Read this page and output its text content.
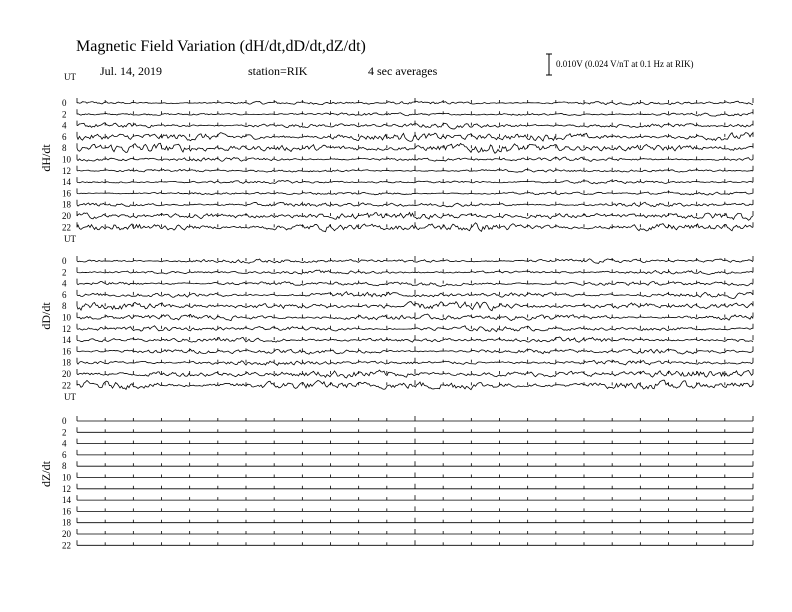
Magnetic Field Variation (dH/dt,dD/dt,dZ/dt)
Jul. 14, 2019	station=RIK	4 sec averages	0.010V (0.024 V/nT at 0.1 Hz at RIK)
UT
dH/dt
0
2
4
6
8
10
12
14
16
18
20
22
UT
dD/dt
0
2
4
6
8
10
12
14
16
18
20
22
UT
dZ/dt
0
2
4
6
8
10
12
14
16
18
20
22
